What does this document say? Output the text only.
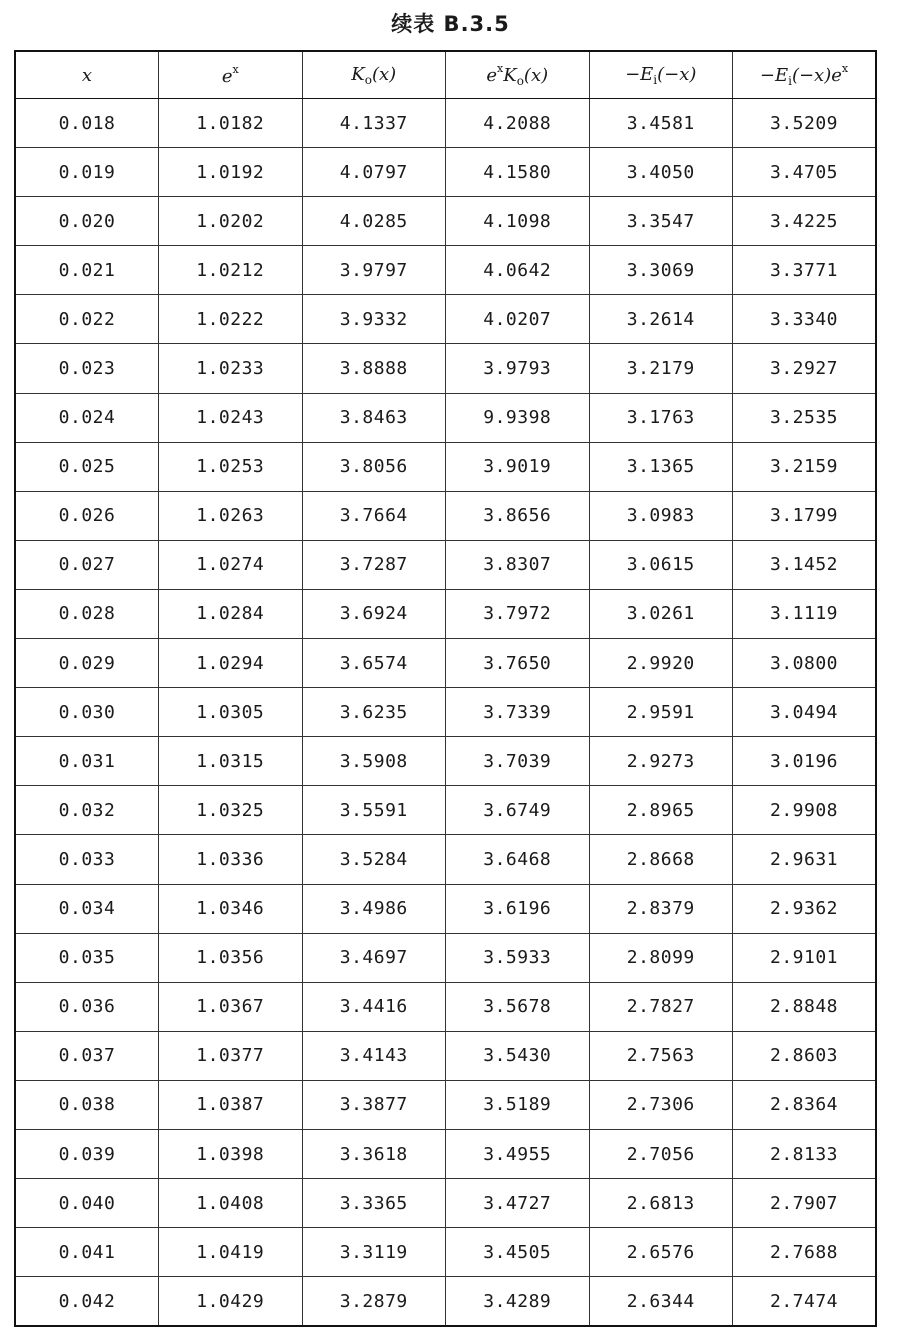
续表 B.3.5
x	$e^x$	$K_o(x)$	$e^xK_o(x)$	$-E_i(-x)$	$-E_i(-x)e^x$
0.018	1.0182	4.1337	4.2088	3.4581	3.5209
0.019	1.0192	4.0797	4.1580	3.4050	3.4705
0.020	1.0202	4.0285	4.1098	3.3547	3.4225
0.021	1.0212	3.9797	4.0642	3.3069	3.3771
0.022	1.0222	3.9332	4.0207	3.2614	3.3340
0.023	1.0233	3.8888	3.9793	3.2179	3.2927
0.024	1.0243	3.8463	9.9398	3.1763	3.2535
0.025	1.0253	3.8056	3.9019	3.1365	3.2159
0.026	1.0263	3.7664	3.8656	3.0983	3.1799
0.027	1.0274	3.7287	3.8307	3.0615	3.1452
0.028	1.0284	3.6924	3.7972	3.0261	3.1119
0.029	1.0294	3.6574	3.7650	2.9920	3.0800
0.030	1.0305	3.6235	3.7339	2.9591	3.0494
0.031	1.0315	3.5908	3.7039	2.9273	3.0196
0.032	1.0325	3.5591	3.6749	2.8965	2.9908
0.033	1.0336	3.5284	3.6468	2.8668	2.9631
0.034	1.0346	3.4986	3.6196	2.8379	2.9362
0.035	1.0356	3.4697	3.5933	2.8099	2.9101
0.036	1.0367	3.4416	3.5678	2.7827	2.8848
0.037	1.0377	3.4143	3.5430	2.7563	2.8603
0.038	1.0387	3.3877	3.5189	2.7306	2.8364
0.039	1.0398	3.3618	3.4955	2.7056	2.8133
0.040	1.0408	3.3365	3.4727	2.6813	2.7907
0.041	1.0419	3.3119	3.4505	2.6576	2.7688
0.042	1.0429	3.2879	3.4289	2.6344	2.7474
